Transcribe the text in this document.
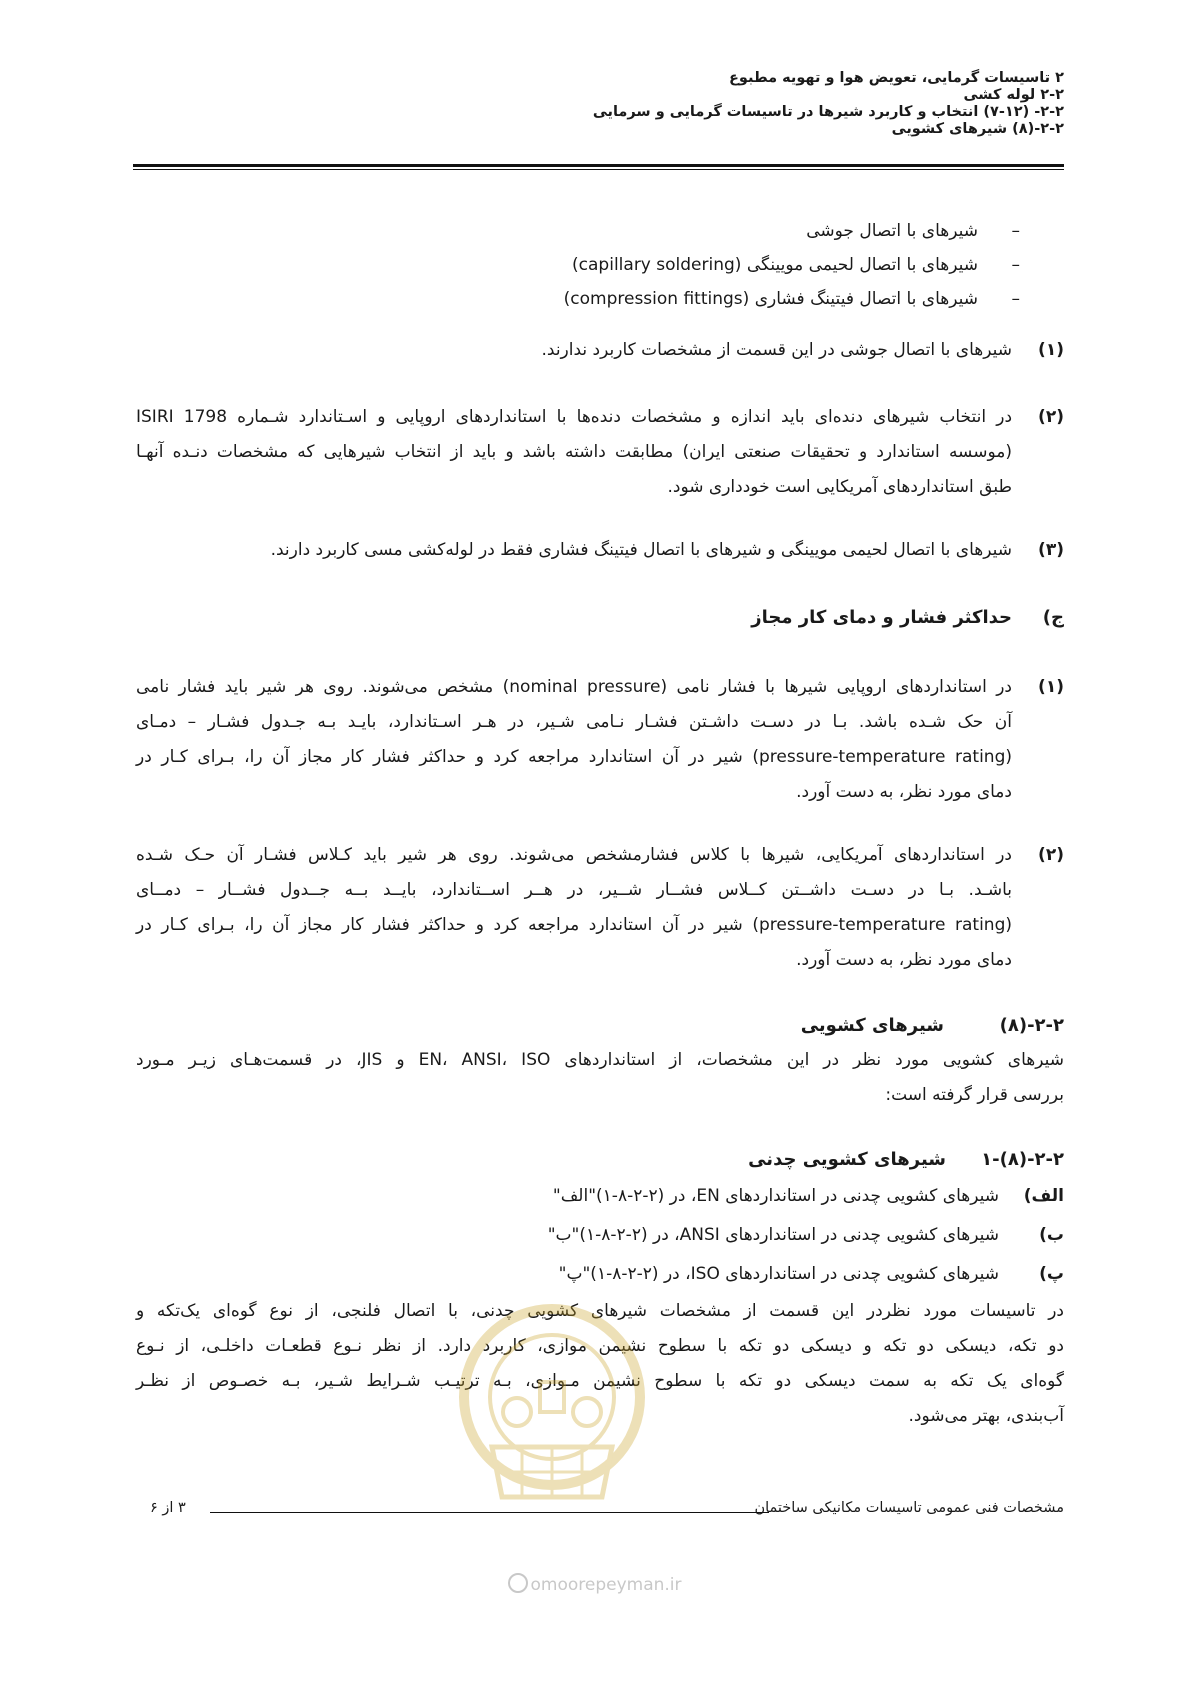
۲ تاسیسات گرمایی، تعویض هوا و تهویه مطبوع
۲-۲ لوله کشی
۲-۲- (۷-۱۲) انتخاب و کاربرد شیرها در تاسیسات گرمایی و سرمایی
۲-۲-(۸) شیرهای کشویی
–
شیرهای با اتصال جوشی
–
شیرهای با اتصال لحیمی مویینگی (capillary soldering)
–
شیرهای با اتصال فیتینگ فشاری (compression fittings)
(۱)
شیرهای با اتصال جوشی در این قسمت از مشخصات کاربرد ندارند.
(۲)
در انتخاب شیرهای دنده‌ای باید اندازه و مشخصات دنده‌ها با استانداردهای اروپایی و اسـتاندارد شـماره ISIRI 1798
(موسسه استاندارد و تحقیقات صنعتی ایران) مطابقت داشته باشد و باید از انتخاب شیرهایی که مشخصات دنـده آنهـا
طبق استانداردهای آمریکایی است خودداری شود.
(۳)
شیرهای با اتصال لحیمی مویینگی و شیرهای با اتصال فیتینگ فشاری فقط در لوله‌کشی مسی کاربرد دارند.
ج)
حداکثر فشار و دمای کار مجاز
(۱)
در استانداردهای اروپایی شیرها با فشار نامی (nominal pressure) مشخص می‌شوند. روی هر شیر باید فشار نامی
آن حک شـده باشد. بـا در دسـت داشـتن فشـار نـامی شـیر، در هـر اسـتاندارد، بایـد بـه جـدول فشـار – دمـای
(pressure-temperature rating) شیر در آن استاندارد مراجعه کرد و حداکثر فشار کار مجاز آن را، بـرای کـار در
دمای مورد نظر، به دست آورد.
(۲)
در استانداردهای آمریکایی، شیرها با کلاس فشارمشخص می‌شوند. روی هر شیر باید کـلاس فشـار آن حـک شـده
باشـد. بـا در دسـت داشــتن کــلاس فشــار شــیر، در هــر اســتاندارد، بایــد بــه جــدول فشــار – دمــای
(pressure-temperature rating) شیر در آن استاندارد مراجعه کرد و حداکثر فشار کار مجاز آن را، بـرای کـار در
دمای مورد نظر، به دست آورد.
۲-۲-(۸)
شیرهای کشویی
شیرهای کشویی مورد نظر در این مشخصات، از استانداردهای EN، ANSI، ISO و JIS، در قسمت‌هـای زیـر مـورد
بررسی قرار گرفته است:
۲-۲-(۸)-۱
شیرهای کشویی چدنی
الف)
شیرهای کشویی چدنی در استانداردهای EN، در (۲-۲-۸-۱)"الف"
ب)
شیرهای کشویی چدنی در استانداردهای ANSI، در (۲-۲-۸-۱)"ب"
پ)
شیرهای کشویی چدنی در استانداردهای ISO، در (۲-۲-۸-۱)"پ"
در تاسیسات مورد نظردر این قسمت از مشخصات شیرهای کشویی چدنی، با اتصال فلنجی، از نوع گوه‌ای یک‌تکه و
دو تکه، دیسکی دو تکه و دیسکی دو تکه با سطوح نشیمن موازی، کاربرد دارد. از نظر نـوع قطعـات داخلـی، از نـوع
گوه‌ای یک تکه به سمت دیسکی دو تکه با سطوح نشیمن مـوازی، بـه ترتیـب شـرایط شـیر، بـه خصـوص از نظـر
آب‌بندی، بهتر می‌شود.
مشخصات فنی عمومی تاسیسات مکانیکی ساختمان
۳ از ۶
omoorepeyman.ir
